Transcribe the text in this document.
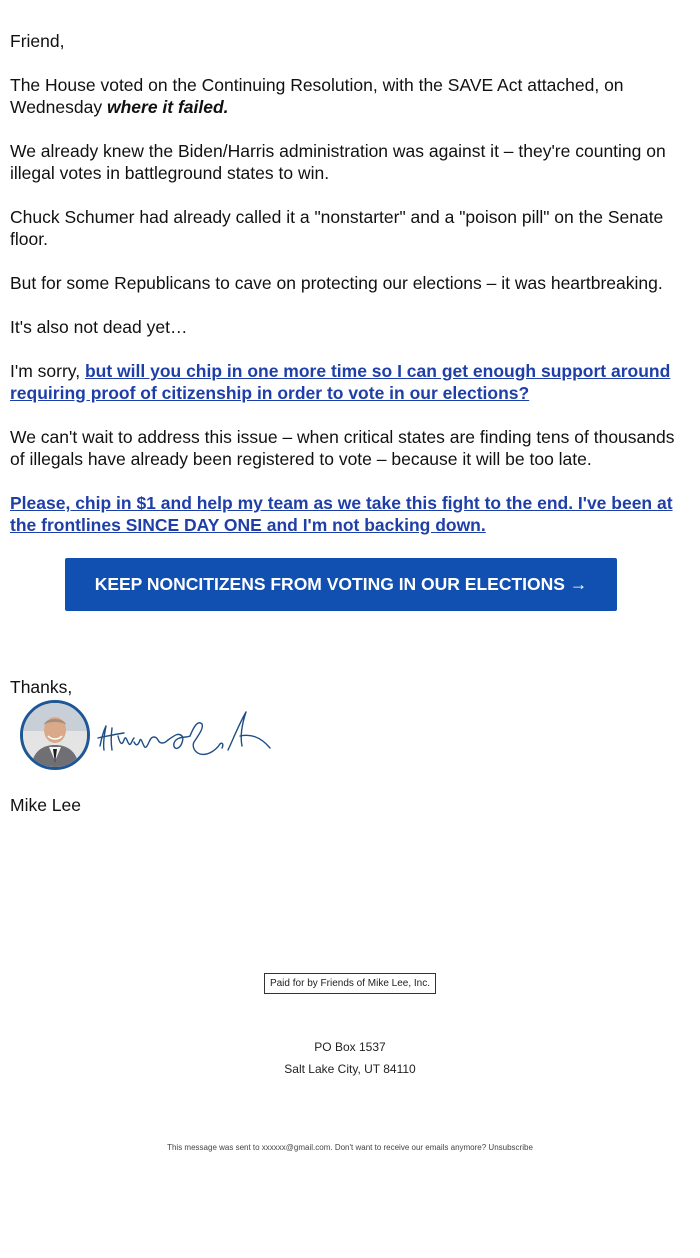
Friend,

The House voted on the Continuing Resolution, with the SAVE Act attached, on Wednesday where it failed.

We already knew the Biden/Harris administration was against it – they're counting on illegal votes in battleground states to win.

Chuck Schumer had already called it a "nonstarter" and a "poison pill" on the Senate floor.

But for some Republicans to cave on protecting our elections – it was heartbreaking.

It's also not dead yet…

I'm sorry, but will you chip in one more time so I can get enough support around requiring proof of citizenship in order to vote in our elections?

We can't wait to address this issue – when critical states are finding tens of thousands of illegals have already been registered to vote – because it will be too late.

Please, chip in $1 and help my team as we take this fight to the end. I've been at the frontlines SINCE DAY ONE and I'm not backing down.

KEEP NONCITIZENS FROM VOTING IN OUR ELECTIONS →
Thanks,
Mike Lee
Paid for by Friends of Mike Lee, Inc.
PO Box 1537
Salt Lake City, UT 84110
This message was sent to xxxxxx@gmail.com. Don't want to receive our emails anymore? Unsubscribe
